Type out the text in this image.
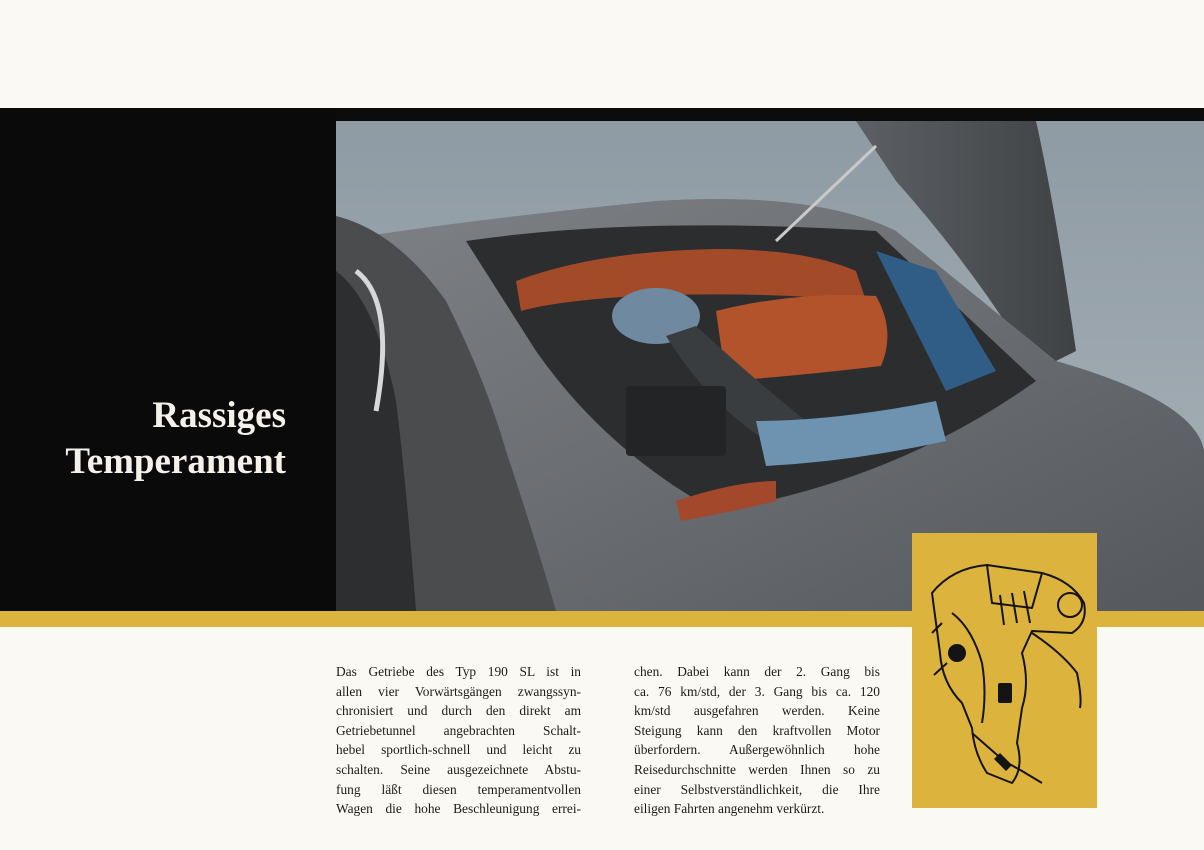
Rassiges
Temperament
Das Getriebe des Typ 190 SL ist in
allen vier Vorwärtsgängen zwangssyn-
chronisiert und durch den direkt am
Getriebetunnel angebrachten Schalt-
hebel sportlich-schnell und leicht zu
schalten. Seine ausgezeichnete Abstu-
fung läßt diesen temperamentvollen
Wagen die hohe Beschleunigung errei-
chen. Dabei kann der 2. Gang bis
ca. 76 km/std, der 3. Gang bis ca. 120
km/std ausgefahren werden. Keine
Steigung kann den kraftvollen Motor
überfordern. Außergewöhnlich hohe
Reisedurchschnitte werden Ihnen so zu
einer Selbstverständlichkeit, die Ihre
eiligen Fahrten angenehm verkürzt.
